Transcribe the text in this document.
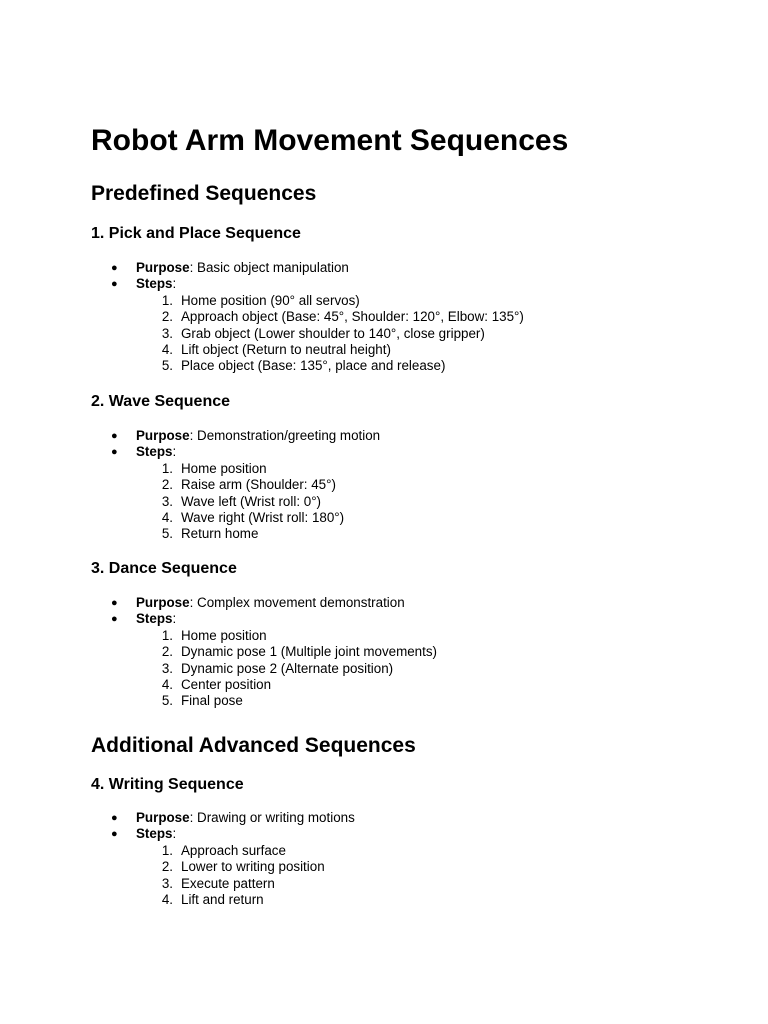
Robot Arm Movement Sequences
Predefined Sequences
1. Pick and Place Sequence
● Purpose: Basic object manipulation
● Steps:
1. Home position (90° all servos)
2. Approach object (Base: 45°, Shoulder: 120°, Elbow: 135°)
3. Grab object (Lower shoulder to 140°, close gripper)
4. Lift object (Return to neutral height)
5. Place object (Base: 135°, place and release)
2. Wave Sequence
● Purpose: Demonstration/greeting motion
● Steps:
1. Home position
2. Raise arm (Shoulder: 45°)
3. Wave left (Wrist roll: 0°)
4. Wave right (Wrist roll: 180°)
5. Return home
3. Dance Sequence
● Purpose: Complex movement demonstration
● Steps:
1. Home position
2. Dynamic pose 1 (Multiple joint movements)
3. Dynamic pose 2 (Alternate position)
4. Center position
5. Final pose
Additional Advanced Sequences
4. Writing Sequence
● Purpose: Drawing or writing motions
● Steps:
1. Approach surface
2. Lower to writing position
3. Execute pattern
4. Lift and return
